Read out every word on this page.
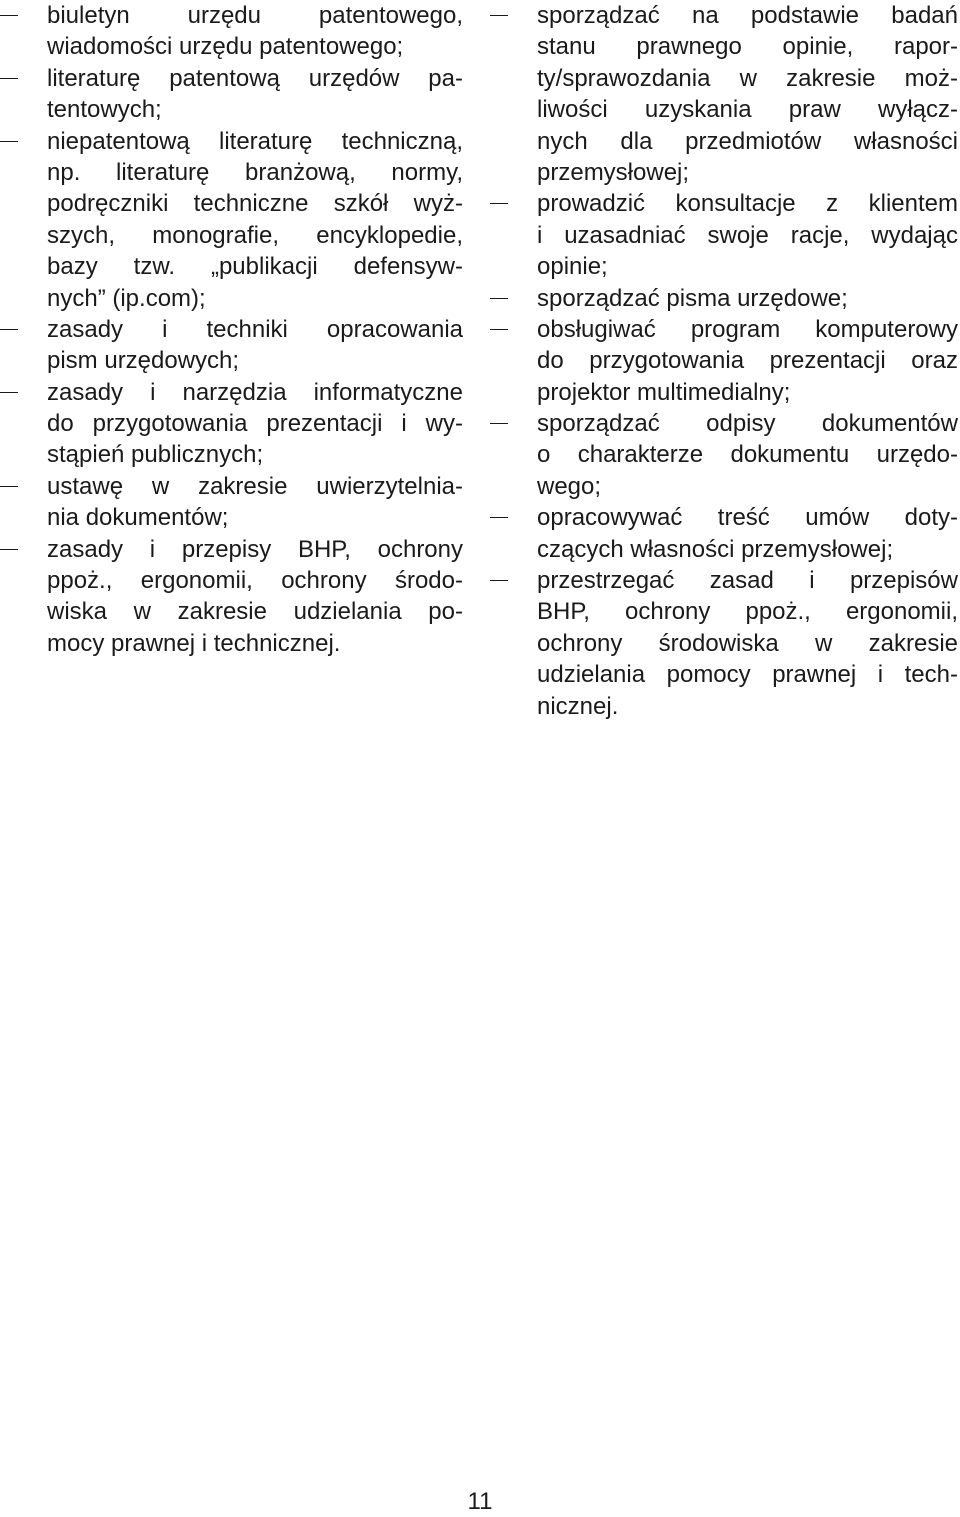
biuletyn urzędu patentowego,
wiadomości urzędu patentowego;
literaturę patentową urzędów pa-
tentowych;
niepatentową literaturę techniczną,
np. literaturę branżową, normy,
podręczniki techniczne szkół wyż-
szych, monografie, encyklopedie,
bazy tzw. „publikacji defensyw-
nych” (ip.com);
zasady i techniki opracowania
pism urzędowych;
zasady i narzędzia informatyczne
do przygotowania prezentacji i wy-
stąpień publicznych;
ustawę w zakresie uwierzytelnia-
nia dokumentów;
zasady i przepisy BHP, ochrony
ppoż., ergonomii, ochrony środo-
wiska w zakresie udzielania po-
mocy prawnej i technicznej.
sporządzać na podstawie badań
stanu prawnego opinie, rapor-
ty/sprawozdania w zakresie moż-
liwości uzyskania praw wyłącz-
nych dla przedmiotów własności
przemysłowej;
prowadzić konsultacje z klientem
i uzasadniać swoje racje, wydając
opinie;
sporządzać pisma urzędowe;
obsługiwać program komputerowy
do przygotowania prezentacji oraz
projektor multimedialny;
sporządzać odpisy dokumentów
o charakterze dokumentu urzędo-
wego;
opracowywać treść umów doty-
czących własności przemysłowej;
przestrzegać zasad i przepisów
BHP, ochrony ppoż., ergonomii,
ochrony środowiska w zakresie
udzielania pomocy prawnej i tech-
nicznej.
11
